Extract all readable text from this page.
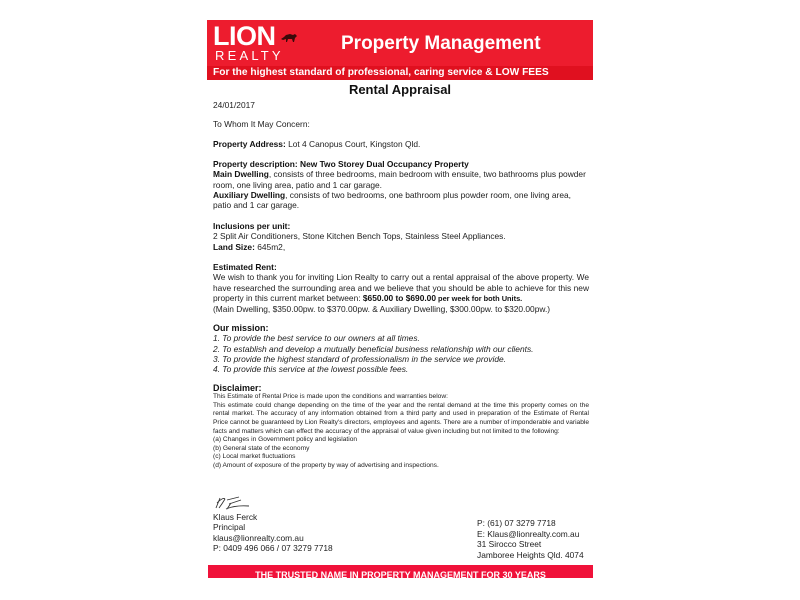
LION
REALTY
Property Management
For the highest standard of professional, caring service & LOW FEES
Rental Appraisal
24/01/2017
To Whom It May Concern:
Property Address: Lot 4 Canopus Court, Kingston Qld.
Property description: New Two Storey Dual Occupancy Property
Main Dwelling, consists of three bedrooms, main bedroom with ensuite, two bathrooms plus powder room, one living area, patio and 1 car garage.
Auxiliary Dwelling, consists of two bedrooms, one bathroom plus powder room, one living area, patio and 1 car garage.
Inclusions per unit:
2 Split Air Conditioners, Stone Kitchen Bench Tops, Stainless Steel Appliances.
Land Size: 645m2,
Estimated Rent:
We wish to thank you for inviting Lion Realty to carry out a rental appraisal of the above property. We have researched the surrounding area and we believe that you should be able to achieve for this new property in this current market between: $650.00 to $690.00 per week for both Units.
(Main Dwelling, $350.00pw. to $370.00pw. & Auxiliary Dwelling, $300.00pw. to $320.00pw.)
Our mission:
1. To provide the best service to our owners at all times.
2. To establish and develop a mutually beneficial business relationship with our clients.
3. To provide the highest standard of professionalism in the service we provide.
4. To provide this service at the lowest possible fees.
Disclaimer:
This Estimate of Rental Price is made upon the conditions and warranties below:
This estimate could change depending on the time of the year and the rental demand at the time this property comes on the rental market. The accuracy of any information obtained from a third party and used in preparation of the Estimate of Rental Price cannot be guaranteed by Lion Realty's directors, employees and agents. There are a number of imponderable and variable facts and matters which can effect the accuracy of the appraisal of value given including but not limited to the following:
(a) Changes in Government policy and legislation
(b) General state of the economy
(c) Local market fluctuations
(d) Amount of exposure of the property by way of advertising and inspections.
Klaus Ferck
Principal
klaus@lionrealty.com.au
P: 0409 496 066 / 07 3279 7718
P: (61) 07 3279 7718
E: Klaus@lionrealty.com.au
31 Sirocco Street
Jamboree Heights Qld. 4074
THE TRUSTED NAME IN PROPERTY MANAGEMENT FOR 30 YEARS
